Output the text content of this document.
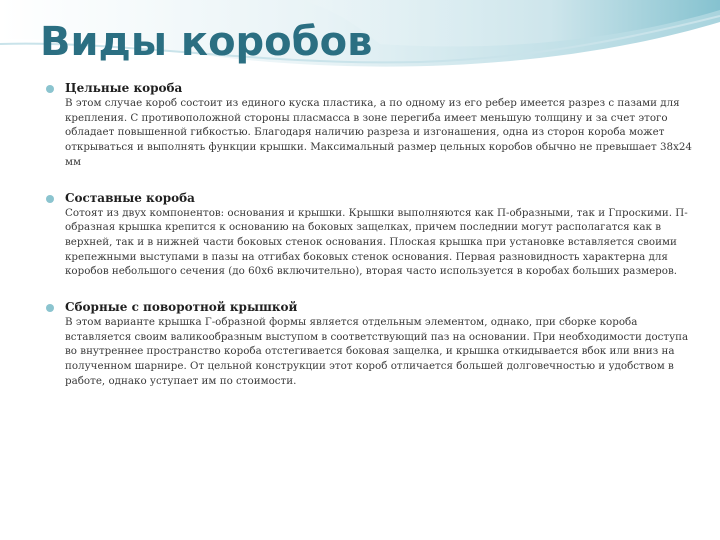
Виды коробов
Цельные короба

В этом случае короб состоит из единого куска пластика, а по одному из его ребер имеется разрез с пазами для крепления. С противоположной стороны пласмасса в зоне перегиба имеет меньшую толщину и за счет этого обладает повышенной гибкостью. Благодаря наличию разреза и изгонашения, одна из сторон короба может открываться и выполнять функции крышки. Максимальный размер цельных коробов обычно не превышает 38х24 мм

Составные короба

Сотоят из двух компонентов: основания и крышки. Крышки выполняются как П-образными, так и Гпроскими. П-образная крышка крепится к основанию на боковых защелках, причем последнии могут располагатся как в верхней, так и в нижней части боковых стенок основания. Плоская крышка при установке вставляется своими крепежными выступами в пазы на отгибах боковых стенок основания. Первая разновидность характерна для коробов небольшого сечения (до 60х6 включительно), вторая часто используется в коробах больших размеров.

Сборные с поворотной крышкой

В этом варианте крышка Г-образной формы является отдельным элементом, однако, при сборке короба вставляется своим валикообразным выступом в соответствующий паз на основании. При необходимости доступа во внутреннее пространство короба отстегивается боковая защелка, и крышка откидывается вбок или вниз на полученном шарнире. От цельной конструкции этот короб отличается большей долговечностью и удобством в работе, однако уступает им по стоимости.
